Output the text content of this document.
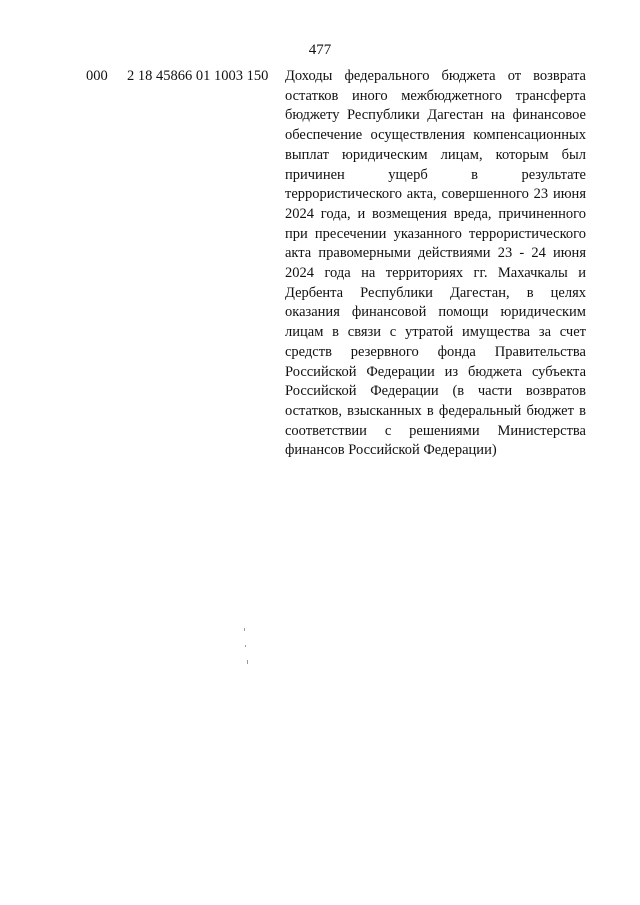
477
000 2 18 45866 01 1003 150 Доходы федерального бюджета от возврата остатков иного межбюджетного трансферта бюджету Республики Дагестан на финансовое обеспечение осуществления компенсационных выплат юридическим лицам, которым был причинен ущерб в результате террористического акта, совершенного 23 июня 2024 года, и возмещения вреда, причиненного при пресечении указанного террористического акта правомерными действиями 23 - 24 июня 2024 года на территориях гг. Махачкалы и Дербента Республики Дагестан, в целях оказания финансовой помощи юридическим лицам в связи с утратой имущества за счет средств резервного фонда Правительства Российской Федерации из бюджета субъекта Российской Федерации (в части возвратов остатков, взысканных в федеральный бюджет в соответствии с решениями Министерства финансов Российской Федерации)
